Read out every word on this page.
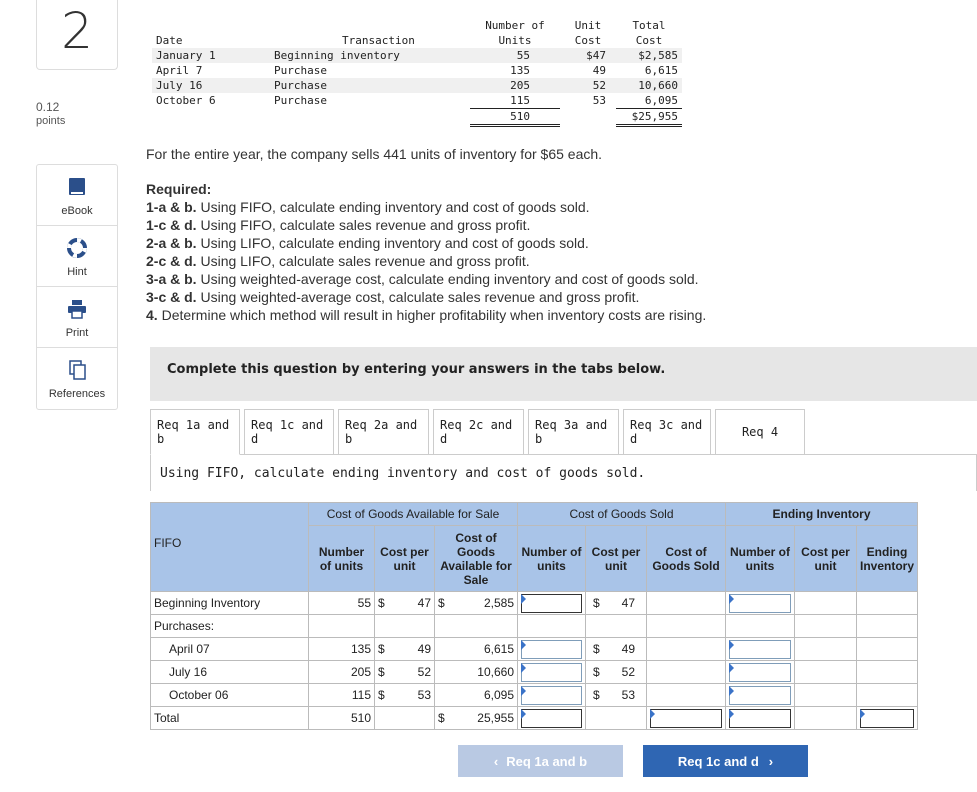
2
0.12
points
eBook
Hint
Print
References
		Number of	Unit	Total
Date	Transaction	Units	Cost	Cost
January 1	Beginning inventory	55	$47	$2,585
April 7	Purchase	135	49	6,615
July 16	Purchase	205	52	10,660
October 6	Purchase	115	53	6,095
		510		$25,955
For the entire year, the company sells 441 units of inventory for $65 each.
Required:
1-a & b. Using FIFO, calculate ending inventory and cost of goods sold.
1-c & d. Using FIFO, calculate sales revenue and gross profit.
2-a & b. Using LIFO, calculate ending inventory and cost of goods sold.
2-c & d. Using LIFO, calculate sales revenue and gross profit.
3-a & b. Using weighted-average cost, calculate ending inventory and cost of goods sold.
3-c & d. Using weighted-average cost, calculate sales revenue and gross profit.
4. Determine which method will result in higher profitability when inventory costs are rising.
Complete this question by entering your answers in the tabs below.
Req 1a and b
Req 1c and d
Req 2a and b
Req 2c and d
Req 3a and b
Req 3c and d	Req 4
Using FIFO, calculate ending inventory and cost of goods sold.
	Cost of Goods Available for Sale			Cost of Goods Sold			Ending Inventory		
FIFO	Number of units	Cost per unit	Cost of Goods Available for Sale	Number of units	Cost per unit	Cost of Goods Sold	Number of units	Cost per unit	Ending Inventory
Beginning Inventory	55	$ 47	$ 2,585		$ 47				

Purchases:									
April 07	135	$ 49	6,615		$ 49				

July 16	205	$ 52	10,660		$ 52				

October 06	115	$ 53	6,095		$ 53				

Total	510		$ 25,955						

‹ Req 1a and b	Req 1c and d ›
